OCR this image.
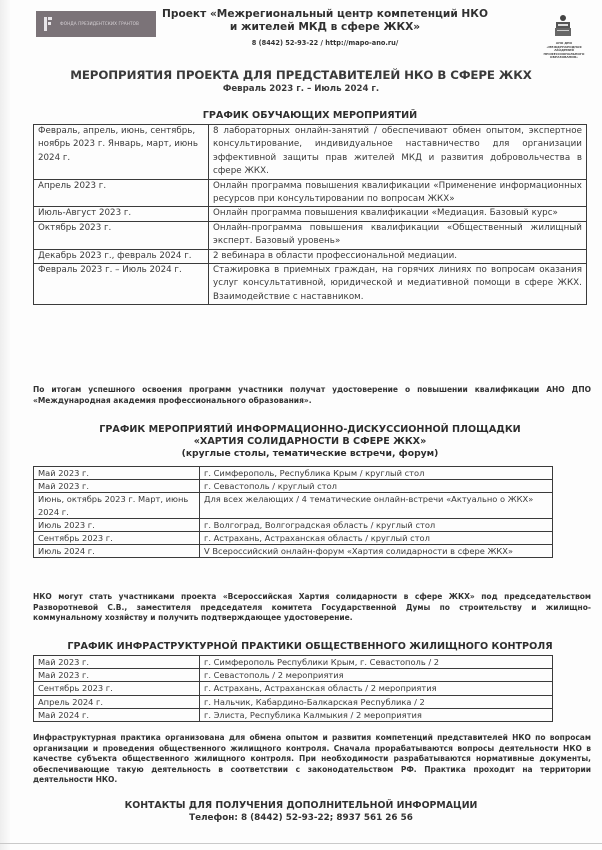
ФОНДА ПРЕЗИДЕНТСКИХ ГРАНТОВ
Проект «Межрегиональный центр компетенций НКО
и жителей МКД в сфере ЖКХ»
8 (8442) 52-93-22 / http://mapo-ano.ru/	АНО ДПО «МЕЖДУНАРОДНАЯ АКАДЕМИЯ ПРОФЕССИОНАЛЬНОГО ОБРАЗОВАНИЯ»
МЕРОПРИЯТИЯ ПРОЕКТА ДЛЯ ПРЕДСТАВИТЕЛЕЙ НКО В СФЕРЕ ЖКХ
Февраль 2023 г. – Июль 2024 г.
ГРАФИК ОБУЧАЮЩИХ МЕРОПРИЯТИЙ
Февраль, апрель, июнь, сентябрь, ноябрь 2023 г. Январь, март, июнь 2024 г.	8 лабораторных онлайн-занятий / обеспечивают обмен опытом, экспертное консультирование, индивидуальное наставничество для организации эффективной защиты прав жителей МКД и развития добровольчества в сфере ЖКХ.
Апрель 2023 г.	Онлайн программа повышения квалификации «Применение информационных ресурсов при консультировании по вопросам ЖКХ»
Июль-Август 2023 г.	Онлайн программа повышения квалификации «Медиация. Базовый курс»
Октябрь 2023 г.	Онлайн-программа повышения квалификации «Общественный жилищный эксперт. Базовый уровень»
Декабрь 2023 г., февраль 2024 г.	2 вебинара в области профессиональной медиации.
Февраль 2023 г. – Июль 2024 г.	Стажировка в приемных граждан, на горячих линиях по вопросам оказания услуг консультативной, юридической и медиативной помощи в сфере ЖКХ. Взаимодействие с наставником.
По итогам успешного освоения программ участники получат удостоверение о повышении квалификации АНО ДПО «Международная академия профессионального образования».
ГРАФИК МЕРОПРИЯТИЙ ИНФОРМАЦИОННО-ДИСКУССИОННОЙ ПЛОЩАДКИ
«ХАРТИЯ СОЛИДАРНОСТИ В СФЕРЕ ЖКХ»
(круглые столы, тематические встречи, форум)
Май 2023 г.	г. Симферополь, Республика Крым / круглый стол
Май 2023 г.	г. Севастополь / круглый стол
Июнь, октябрь 2023 г. Март, июнь 2024 г.	Для всех желающих / 4 тематические онлайн-встречи «Актуально о ЖКХ»
Июль 2023 г.	г. Волгоград, Волгоградская область / круглый стол
Сентябрь 2023 г.	г. Астрахань, Астраханская область / круглый стол
Июль 2024 г.	V Всероссийский онлайн-форум «Хартия солидарности в сфере ЖКХ»
НКО могут стать участниками проекта «Всероссийская Хартия солидарности в сфере ЖКХ» под председательством Разворотневой С.В., заместителя председателя комитета Государственной Думы по строительству и жилищно-коммунальному хозяйству и получить подтверждающее удостоверение.
ГРАФИК ИНФРАСТРУКТУРНОЙ ПРАКТИКИ ОБЩЕСТВЕННОГО ЖИЛИЩНОГО КОНТРОЛЯ
Май 2023 г.	г. Симферополь Республики Крым, г. Севастополь / 2
Май 2023 г.	г. Севастополь / 2 мероприятия
Сентябрь 2023 г.	г. Астрахань, Астраханская область / 2 мероприятия
Апрель 2024 г.	г. Нальчик, Кабардино-Балкарская Республика / 2
Май 2024 г.	г. Элиста, Республика Калмыкия / 2 мероприятия
Инфраструктурная практика организована для обмена опытом и развития компетенций представителей НКО по вопросам организации и проведения общественного жилищного контроля. Сначала прорабатываются вопросы деятельности НКО в качестве субъекта общественного жилищного контроля. При необходимости разрабатываются нормативные документы, обеспечивающие такую деятельность в соответствии с законодательством РФ. Практика проходит на территории деятельности НКО.
КОНТАКТЫ ДЛЯ ПОЛУЧЕНИЯ ДОПОЛНИТЕЛЬНОЙ ИНФОРМАЦИИ
Телефон: 8 (8442) 52-93-22; 8937 561 26 56
